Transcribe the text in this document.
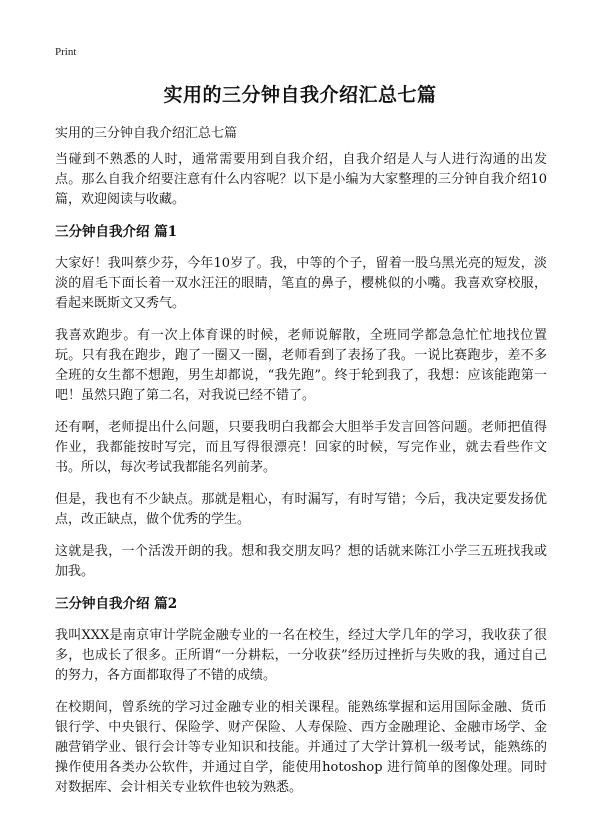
Print
实用的三分钟自我介绍汇总七篇

实用的三分钟自我介绍汇总七篇

当碰到不熟悉的人时，通常需要用到自我介绍，自我介绍是人与人进行沟通的出发点。那么自我介绍要注意有什么内容呢？以下是小编为大家整理的三分钟自我介绍10篇，欢迎阅读与收藏。

三分钟自我介绍 篇1

大家好！我叫蔡少芬，今年10岁了。我，中等的个子，留着一股乌黑光亮的短发，淡淡的眉毛下面长着一双水汪汪的眼睛，笔直的鼻子，樱桃似的小嘴。我喜欢穿校服，看起来既斯文又秀气。

我喜欢跑步。有一次上体育课的时候，老师说解散，全班同学都急急忙忙地找位置玩。只有我在跑步，跑了一圈又一圈，老师看到了表扬了我。一说比赛跑步，差不多全班的女生都不想跑，男生却都说，“我先跑”。终于轮到我了，我想：应该能跑第一吧！虽然只跑了第二名，对我说已经不错了。

还有啊，老师提出什么问题，只要我明白我都会大胆举手发言回答问题。老师把值得作业，我都能按时写完，而且写得很漂亮！回家的时候，写完作业，就去看些作文书。所以，每次考试我都能名列前茅。

但是，我也有不少缺点。那就是粗心，有时漏写，有时写错；今后，我决定要发扬优点，改正缺点，做个优秀的学生。

这就是我，一个活泼开朗的我。想和我交朋友吗？想的话就来陈江小学三五班找我或加我。

三分钟自我介绍 篇2

我叫XXX是南京审计学院金融专业的一名在校生，经过大学几年的学习，我收获了很多，也成长了很多。正所谓“一分耕耘，一分收获”经历过挫折与失败的我，通过自己的努力，各方面都取得了不错的成绩。

在校期间，曾系统的学习过金融专业的相关课程。能熟练掌握和运用国际金融、货币银行学、中央银行、保险学、财产保险、人寿保险、西方金融理论、金融市场学、金融营销学业、银行会计等专业知识和技能。并通过了大学计算机一级考试，能熟练的操作使用各类办公软件，并通过自学，能使用hotoshop 进行简单的图像处理。同时对数据库、会计相关专业软件也较为熟悉。
